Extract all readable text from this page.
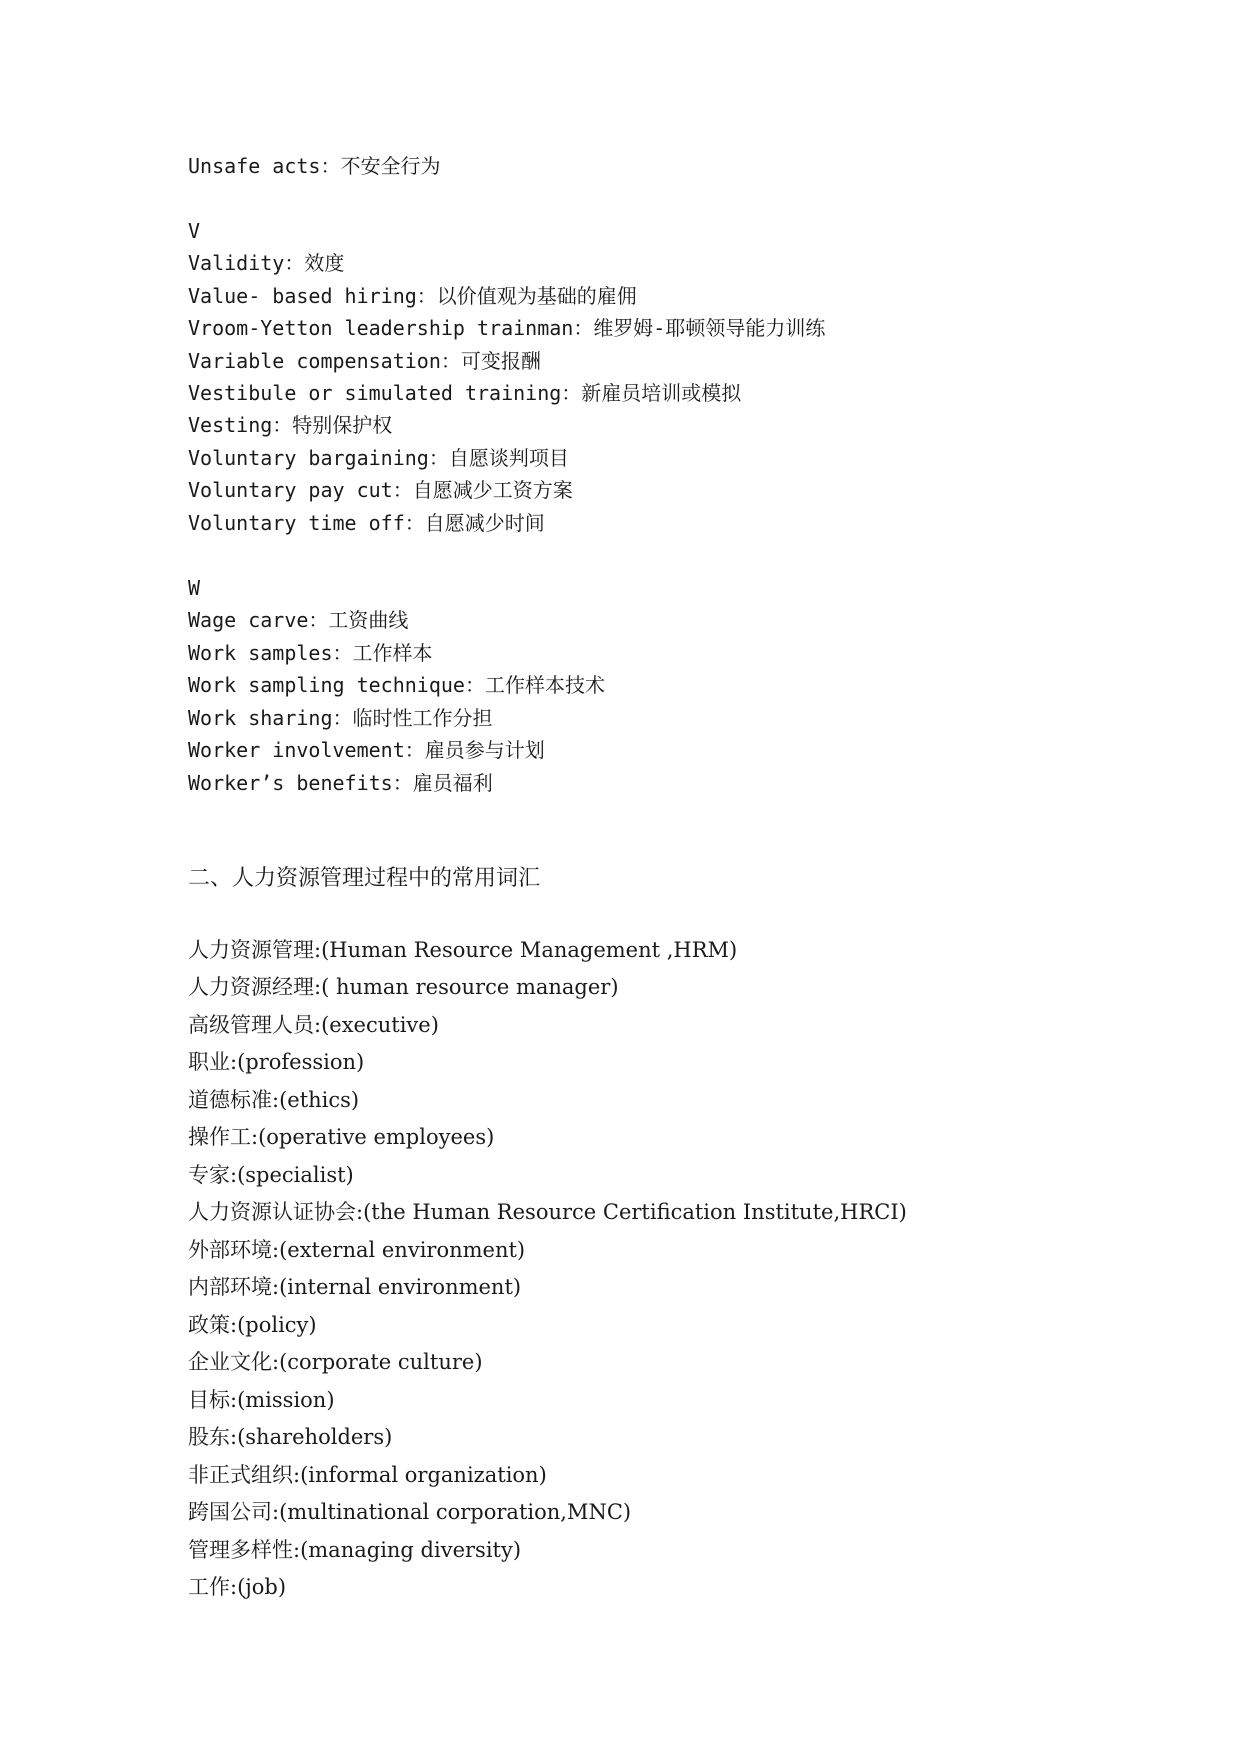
Unsafe acts：不安全行为
V
Validity：效度
Value- based hiring：以价值观为基础的雇佣
Vroom-Yetton leadership trainman：维罗姆-耶顿领导能力训练
Variable compensation：可变报酬
Vestibule or simulated training：新雇员培训或模拟
Vesting：特别保护权
Voluntary bargaining：自愿谈判项目
Voluntary pay cut：自愿减少工资方案
Voluntary time off：自愿减少时间
W
Wage carve：工资曲线
Work samples：工作样本
Work sampling technique：工作样本技术
Work sharing：临时性工作分担
Worker involvement：雇员参与计划
Worker’s benefits：雇员福利
二、人力资源管理过程中的常用词汇
人力资源管理:(Human Resource Management ,HRM)
人力资源经理:( human resource manager)
高级管理人员:(executive)
职业:(profession)
道德标准:(ethics)
操作工:(operative employees)
专家:(specialist)
人力资源认证协会:(the Human Resource Certification Institute,HRCI)
外部环境:(external environment)
内部环境:(internal environment)
政策:(policy)
企业文化:(corporate culture)
目标:(mission)
股东:(shareholders)
非正式组织:(informal organization)
跨国公司:(multinational corporation,MNC)
管理多样性:(managing diversity)
工作:(job)
